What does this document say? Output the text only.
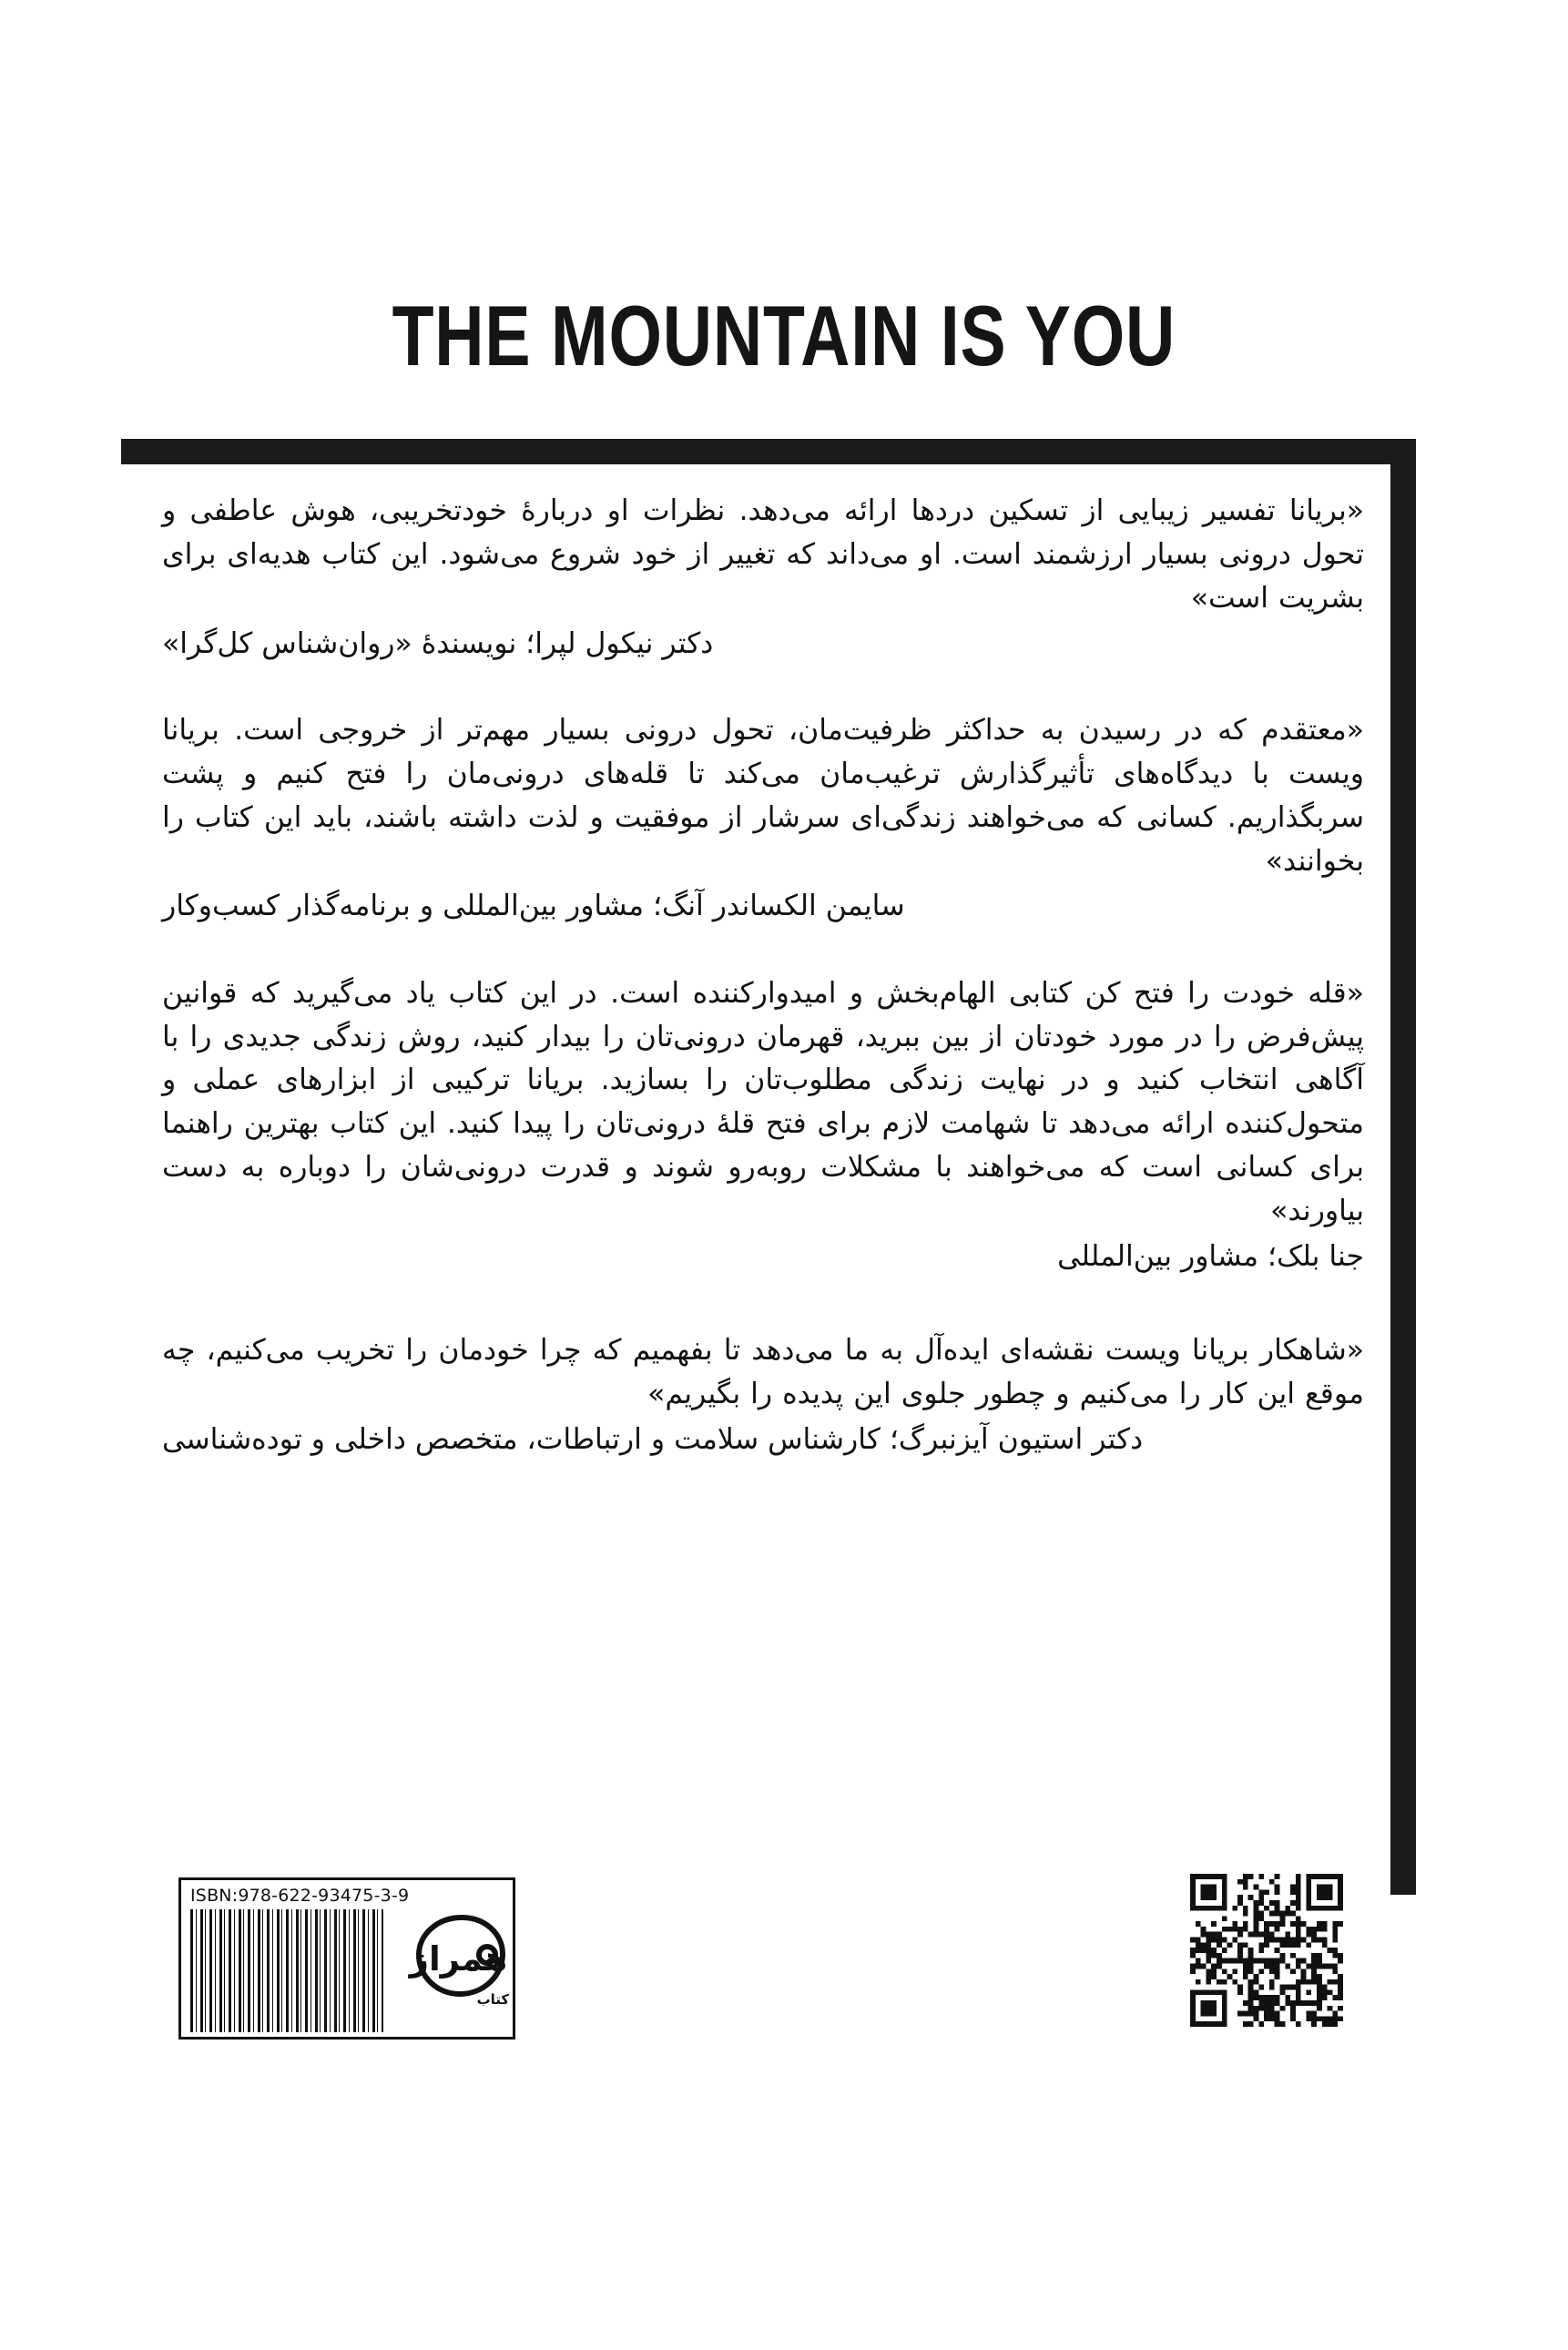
THE MOUNTAIN IS YOU

«بریانا تفسیر زیبایی از تسکین دردها ارائه می‌دهد. نظرات او دربارۀ خودتخریبی، هوش عاطفی و تحول درونی بسیار ارزشمند است. او می‌داند که تغییر از خود شروع می‌شود. این کتاب هدیه‌ای برای بشریت است»

دکتر نیکول لپرا؛ نویسندۀ «روان‌شناس کل‌گرا»

«معتقدم که در رسیدن به حداکثر ظرفیت‌مان، تحول درونی بسیار مهم‌تر از خروجی است. بریانا ویست با دیدگاه‌های تأثیرگذارش ترغیب‌مان می‌کند تا قله‌های درونی‌مان را فتح کنیم و پشت سربگذاریم. کسانی که می‌خواهند زندگی‌ای سرشار از موفقیت و لذت داشته باشند، باید این کتاب را بخوانند»

سایمن الکساندر آنگ؛ مشاور بین‌المللی و برنامه‌گذار کسب‌وکار

«قله خودت را فتح کن کتابی الهام‌بخش و امیدوارکننده است. در این کتاب یاد می‌گیرید که قوانین پیش‌فرض را در مورد خودتان از بین ببرید، قهرمان درونی‌تان را بیدار کنید، روش زندگی جدیدی را با آگاهی انتخاب کنید و در نهایت زندگی مطلوب‌تان را بسازید. بریانا ترکیبی از ابزارهای عملی و متحول‌کننده ارائه می‌دهد تا شهامت لازم برای فتح قلۀ درونی‌تان را پیدا کنید. این کتاب بهترین راهنما برای کسانی است که می‌خواهند با مشکلات روبه‌رو شوند و قدرت درونی‌شان را دوباره به دست بیاورند»

جنا بلک؛ مشاور بین‌المللی

«شاهکار بریانا ویست نقشه‌ای ایده‌آل به ما می‌دهد تا بفهمیم که چرا خودمان را تخریب می‌کنیم، چه موقع این کار را می‌کنیم و چطور جلوی این پدیده را بگیریم»

دکتر استیون آیزنبرگ؛ کارشناس سلامت و ارتباطات، متخصص داخلی و توده‌شناسی

ISBN:978-622-93475-3-9
همراز
کتاب
